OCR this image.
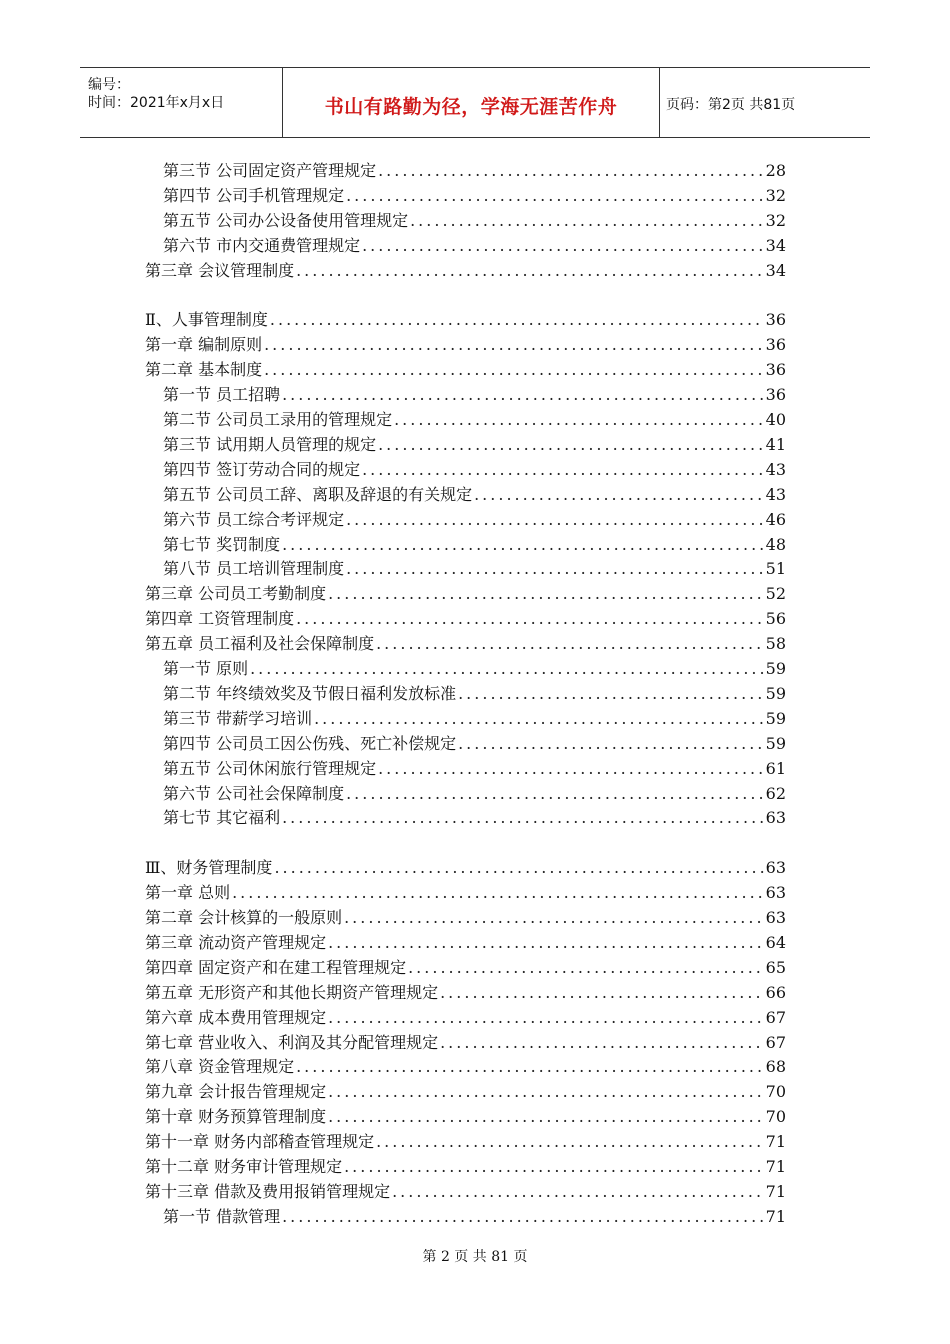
编号：
时间：2021年x月x日	书山有路勤为径，学海无涯苦作舟	页码：第2页 共81页
第三节 公司固定资产管理规定 .....	28
第四节 公司手机管理规定 .....	32
第五节 公司办公设备使用管理规定 .....	32
第六节 市内交通费管理规定 .....	34
第三章 会议管理制度 .....	34
Ⅱ、人事管理制度 .....	36
第一章 编制原则 .....	36
第二章 基本制度 .....	36
第一节 员工招聘 .....	36
第二节 公司员工录用的管理规定 .....	40
第三节 试用期人员管理的规定 .....	41
第四节 签订劳动合同的规定 .....	43
第五节 公司员工辞、离职及辞退的有关规定 .....	43
第六节 员工综合考评规定 .....	46
第七节 奖罚制度 .....	48
第八节 员工培训管理制度 .....	51
第三章 公司员工考勤制度 .....	52
第四章 工资管理制度 .....	56
第五章 员工福利及社会保障制度 .....	58
第一节 原则 .....	59
第二节 年终绩效奖及节假日福利发放标准 .....	59
第三节 带薪学习培训 .....	59
第四节 公司员工因公伤残、死亡补偿规定 .....	59
第五节 公司休闲旅行管理规定 .....	61
第六节 公司社会保障制度 .....	62
第七节 其它福利 .....	63
Ⅲ、财务管理制度 .....	63
第一章 总则 .....	63
第二章 会计核算的一般原则 .....	63
第三章 流动资产管理规定 .....	64
第四章 固定资产和在建工程管理规定 .....	65
第五章 无形资产和其他长期资产管理规定 .....	66
第六章 成本费用管理规定 .....	67
第七章 营业收入、利润及其分配管理规定 .....	67
第八章 资金管理规定 .....	68
第九章 会计报告管理规定 .....	70
第十章 财务预算管理制度 .....	70
第十一章 财务内部稽查管理规定 .....	71
第十二章 财务审计管理规定 .....	71
第十三章 借款及费用报销管理规定 .....	71
第一节 借款管理 .....	71
第 2 页 共 81 页
